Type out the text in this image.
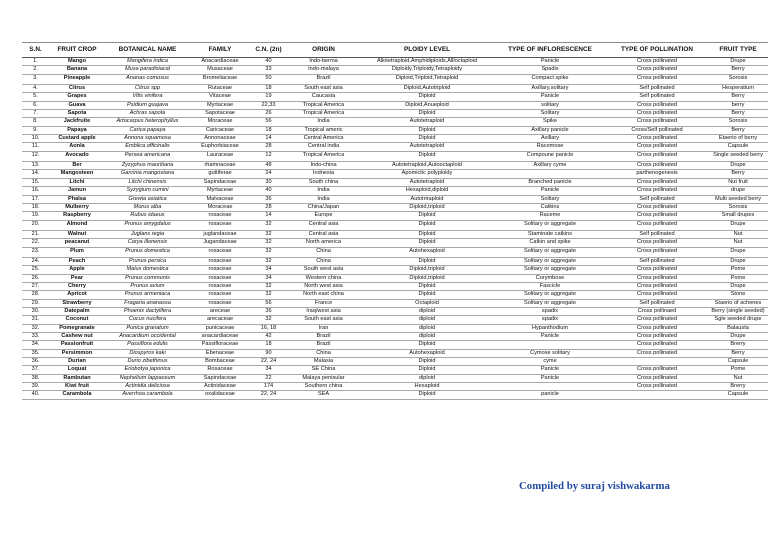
S.N.	FRUIT CROP	BOTANICAL NAME	FAMILY	C.N. (2n)	ORIGIN	PLOIDY LEVEL	TYPE OF INFLORESCENCE	TYPE OF POLLINATION	FRUIT TYPE
1.	Mango	Mangifera indica	Anacardiaceae	40	Indo-berma	Allotetraploid,Amphidiploids,Allloctaploid	Panicle	Cross pollinated	Drupe
2.	Banana	Musa paradisiacal	Musaceae	33	Indo-malaya	Diploidy,Triploidy,Tetraploidy	Spadix	Cross pollinated	Berry
3.	Pineapple	Ananas comosus	Bromeliaceae	50	Brazil	Diploid,Triploid,Tetraploid	Compact spike	Cross pollinated	Sorosis
4.	Citrus	Citrus spp	Rutaceae	18	South east asia	Diploid,Autotriploid	Axillary,solitary	Self pollinated	Hesperatium
5.	Grapes	Vitis vinifera	Vitaceae	19	Caucasia	Diploid	Panicle	Self pollinated	Berry
6.	Guava	Psidium guajava	Myrtaceae	22,33	Tropical America	Diploid,Anueploid	solitary	Cross pollinated	berry
7.	Sapota	Achras sapota	Sapotaceae	26	Tropical America	Diploid	Solitary	Cross pollinated	Berry
8.	Jackfruite	Artocarpus heterophyllus	Moraceae	56	India	Autotetraploid	Spike	Cross pollinated	Sorosis
9.	Papaya	Carica papaya	Caricaceae	18	Tropical americ	Diploid	Axillary panicle	Cross/Self pollinated	Berry
10.	Custard apple	Annona squamosa	Annonaceae	14	Central America	Diploid	Axillary	Cross pollinated	Etaerio of berry
11.	Aonla	Emblica officinalis	Euphorbiaceae	28	Central india	Autotetraploid	Racemose	Cross pollinated	Capsule
12.	Avocado	Persea americana	Lauraceae	12	Tropical America	Diploid	Compoune panicle	Cross pollinated	Single seeded berry
13.	Ber	Zyzyphus mauritiana	rhamnaceae	48	Indo-china	Autotetraploid,Autooctaploid	Axillary cyme	Cross pollinated	Drupe
14.	Mangosteen	Garcinia mangostana	guttiferae	24	Indnesia	Apomictic polyploidy		parthenogenesis	Berry
15.	Litchi	Litchi chinensis	Sapindaceae	30	South china	Autotetraploid	Branched panicle	Cross pollinated	Nut fruit
16.	Jamun	Syzygium cumini	Myrtaceae	40	India	Hexaploid,diploid	Panicle	Cross pollinated	drupe
17.	Phalsa	Grewia asiatica	Malvaceae	36	India	Autotriraploid	Solitary	Self pollinated	Multi seeded berry
18.	Mulberry	Morus alba	Moraceae	28	China/Japan	Diploid,triploid	Catkins	Cross pollinated	Sorosis
19.	Raspberry	Rubus idaeus	rosaceae	14	Europe	Diploid	Raceme	Cross pollinated	Small drupes
20.	Almond	Prunus amygdalus	rosaceae	32	Central asia	Diploid	Solitary or aggregate	Cross pollinated	Drupe
21.	Walnut	Juglans regia	juglandaceae	32	Central asia	Diploid	Staminate catkins	Self pollinated	Nut
22.	peacanut	Carya illonensis	Jugandaceae	32	North america	Diploid	Catkin and spike	Cross pollinated	Nut
23.	Plum	Prunus domestica	rosaceae	32	China	Autohexaploid	Solitary or aggregate	Cross pollinated	Drupe
24.	Peach	Prunus persica	rosaceae	32	China	Diploid	Solitary or aggregate	Self pollinated	Drupe
25.	Apple	Malus domestica	rosaceae	34	South west asia	Diploid,triploid	Solitary or aggregate	Cross pollinated	Pome
26.	Pear	Prunus communis	rosaceae	34	Western china	Diploid,triploid	Corymbose	Cross pollinated	Pome
27.	Cherry	Prunus avium	rosaceae	32	North west asia	Diploid	Fascicle	Cross pollinated	Drupe
28.	Apricot	Prunus armeniaca	rosaceae	32	North east china	Diploid	Solitary or aggregate	Cross pollinated	Stone
29.	Strawberry	Fragaria ananassa	rosaceae	56	France	Octaploid	Solitary or aggregate	Self pollinated	Staerio of achenes
30.	Datepalm	Phoenix dactylifera	areceae	36	Iraq/west asia	diploid	spadix	Cross pollinaed	Berry (single seeded)
31.	Coconut	Cocus nucifera	arecaceae	32	South east asia	diploid	spadix	Cross pollinated	Sgle seeded drupe
32.	Pomegranate	Punica granatum	punicaceae	16, 18	Iran	diploid	Hypanthodium	Cross pollinated	Balausta
33.	Cashew nut	Anacardium occidental	anacardiaceae	42	Brazil	diploid	Panicle	Cross pollinated	Drupe
34.	Passionfruit	Passiflora edulis	Passifloraceae	18	Brazil	Diploid		Cross pollinated	Brerry
35.	Persimmon	Diospyros kaki	Ebenaceae	90	China	Autohexaploid	Cymose solitary	Cross pollinated	Berry
36.	Durian	Durio zibethinus	Bombaceae	22, 24	Malasia	Diploid	cyme		Capsule
37.	Loquat	Eriobotya japonica	Rosaceae	34	SE China	Diploid	Panicle	Cross pollinated	Pome
38.	Rambutan	Nephelium lappaceum	Sapindaceae	22	Malaya penisular	diploid	Panicle	Cross pollinated	Nut
39.	Kiwi fruit	Actinidia deliciosa	Actinidaceae	174	Southern china	Hexaploid		Cross pollinated	Brerry
40.	Carambola	Averrhoa carambola	oxalidaceae	22, 24	SEA	Diploid	panicle		Capsule
Compiled by suraj vishwakarma
